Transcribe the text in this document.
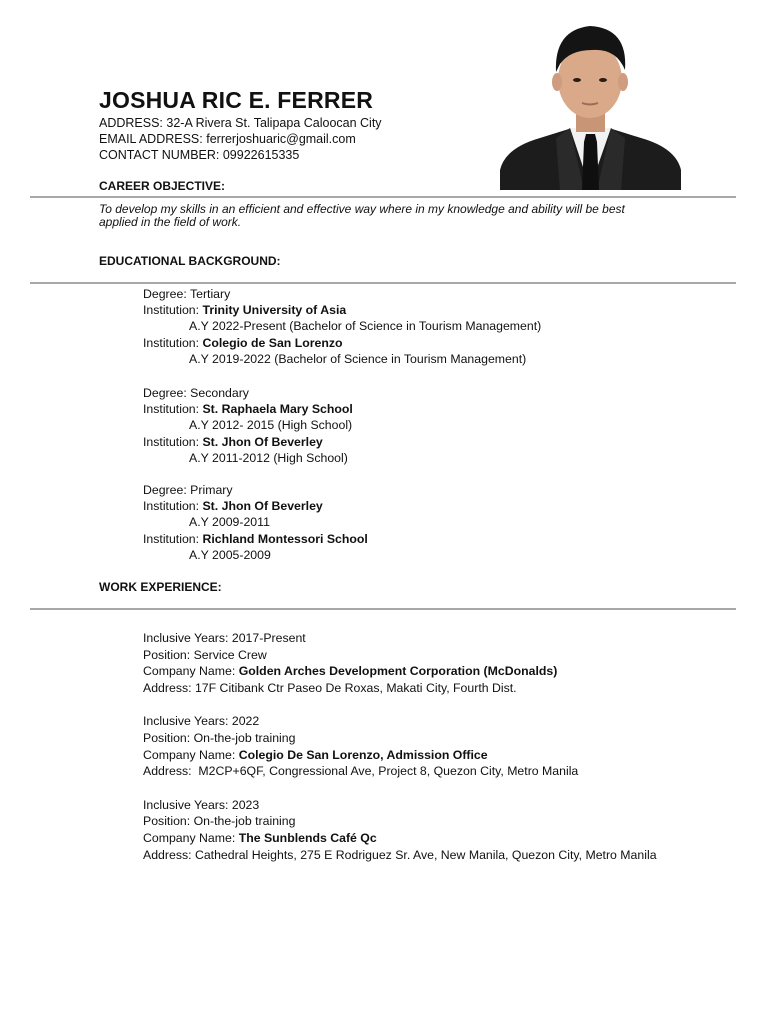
JOSHUA RIC E. FERRER
ADDRESS: 32-A Rivera St. Talipapa Caloocan City
EMAIL ADDRESS: ferrerjoshuaric@gmail.com
CONTACT NUMBER: 09922615335
CAREER OBJECTIVE:
To develop my skills in an efficient and effective way where in my knowledge and ability will be best applied in the field of work.
EDUCATIONAL BACKGROUND:
Degree: Tertiary
Institution: Trinity University of Asia
A.Y 2022-Present (Bachelor of Science in Tourism Management)
Institution: Colegio de San Lorenzo
A.Y 2019-2022 (Bachelor of Science in Tourism Management)
Degree: Secondary
Institution: St. Raphaela Mary School
A.Y 2012- 2015 (High School)
Institution: St. Jhon Of Beverley
A.Y 2011-2012 (High School)
Degree: Primary
Institution: St. Jhon Of Beverley
A.Y 2009-2011
Institution: Richland Montessori School
A.Y 2005-2009
WORK EXPERIENCE:
Inclusive Years: 2017-Present
Position: Service Crew
Company Name: Golden Arches Development Corporation (McDonalds)
Address: 17F Citibank Ctr Paseo De Roxas, Makati City, Fourth Dist.
Inclusive Years: 2022
Position: On-the-job training
Company Name: Colegio De San Lorenzo, Admission Office
Address:  M2CP+6QF, Congressional Ave, Project 8, Quezon City, Metro Manila
Inclusive Years: 2023
Position: On-the-job training
Company Name: The Sunblends Café Qc
Address: Cathedral Heights, 275 E Rodriguez Sr. Ave, New Manila, Quezon City, Metro Manila
